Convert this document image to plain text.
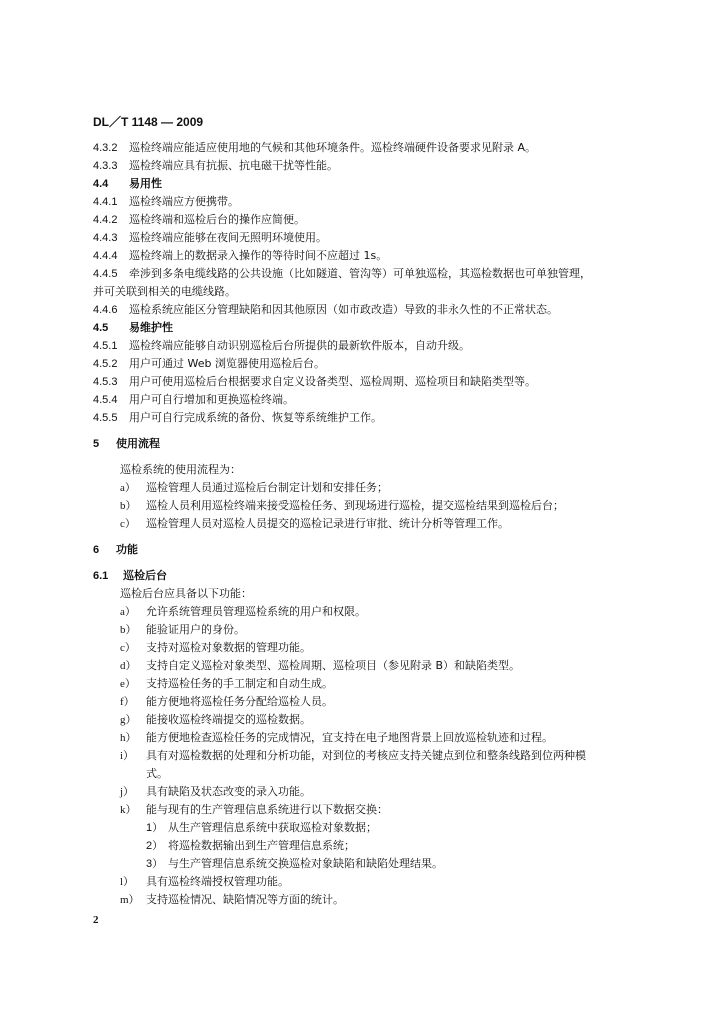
DL／T 1148 — 2009
4.3.2 巡检终端应能适应使用地的气候和其他环境条件。巡检终端硬件设备要求见附录 A。
4.3.3 巡检终端应具有抗振、抗电磁干扰等性能。
4.4 易用性
4.4.1 巡检终端应方便携带。
4.4.2 巡检终端和巡检后台的操作应简便。
4.4.3 巡检终端应能够在夜间无照明环境使用。
4.4.4 巡检终端上的数据录入操作的等待时间不应超过 1s。
4.4.5 牵涉到多条电缆线路的公共设施（比如隧道、管沟等）可单独巡检，其巡检数据也可单独管理，
并可关联到相关的电缆线路。
4.4.6 巡检系统应能区分管理缺陷和因其他原因（如市政改造）导致的非永久性的不正常状态。
4.5 易维护性
4.5.1 巡检终端应能够自动识别巡检后台所提供的最新软件版本，自动升级。
4.5.2 用户可通过 Web 浏览器使用巡检后台。
4.5.3 用户可使用巡检后台根据要求自定义设备类型、巡检周期、巡检项目和缺陷类型等。
4.5.4 用户可自行增加和更换巡检终端。
4.5.5 用户可自行完成系统的备份、恢复等系统维护工作。
5 使用流程
巡检系统的使用流程为：
a） 巡检管理人员通过巡检后台制定计划和安排任务；
b） 巡检人员利用巡检终端来接受巡检任务、到现场进行巡检，提交巡检结果到巡检后台；
c） 巡检管理人员对巡检人员提交的巡检记录进行审批、统计分析等管理工作。
6 功能
6.1 巡检后台
巡检后台应具备以下功能：
a） 允许系统管理员管理巡检系统的用户和权限。
b） 能验证用户的身份。
c） 支持对巡检对象数据的管理功能。
d） 支持自定义巡检对象类型、巡检周期、巡检项目（参见附录 B）和缺陷类型。
e） 支持巡检任务的手工制定和自动生成。
f） 能方便地将巡检任务分配给巡检人员。
g） 能接收巡检终端提交的巡检数据。
h） 能方便地检查巡检任务的完成情况，宜支持在电子地图背景上回放巡检轨迹和过程。
i） 具有对巡检数据的处理和分析功能，对到位的考核应支持关键点到位和整条线路到位两种模
式。
j） 具有缺陷及状态改变的录入功能。
k） 能与现有的生产管理信息系统进行以下数据交换：
1） 从生产管理信息系统中获取巡检对象数据；
2） 将巡检数据输出到生产管理信息系统；
3） 与生产管理信息系统交换巡检对象缺陷和缺陷处理结果。
l） 具有巡检终端授权管理功能。
m） 支持巡检情况、缺陷情况等方面的统计。
2
